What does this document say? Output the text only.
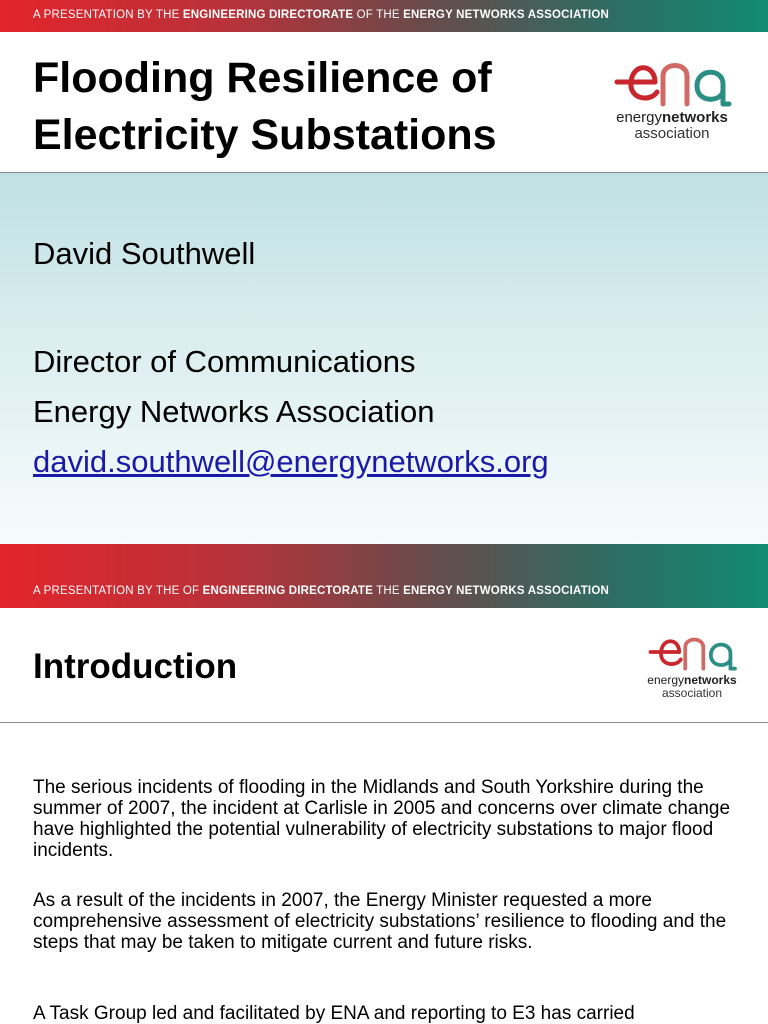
A PRESENTATION BY THE ENGINEERING DIRECTORATE OF THE ENERGY NETWORKS ASSOCIATION
Flooding Resilience of Electricity Substations	energynetworks
association
David Southwell
Director of Communications
Energy Networks Association
david.southwell@energynetworks.org
A PRESENTATION BY THE OF ENGINEERING DIRECTORATE THE ENERGY NETWORKS ASSOCIATION
Introduction	energynetworks
association

The serious incidents of flooding in the Midlands and South Yorkshire during the summer of 2007, the incident at Carlisle in 2005 and concerns over climate change have highlighted the potential vulnerability of electricity substations to major flood incidents.

As a result of the incidents in 2007, the Energy Minister requested a more comprehensive assessment of electricity substations’ resilience to flooding and the steps that may be taken to mitigate current and future risks.

A Task Group led and facilitated by ENA and reporting to E3 has carried
